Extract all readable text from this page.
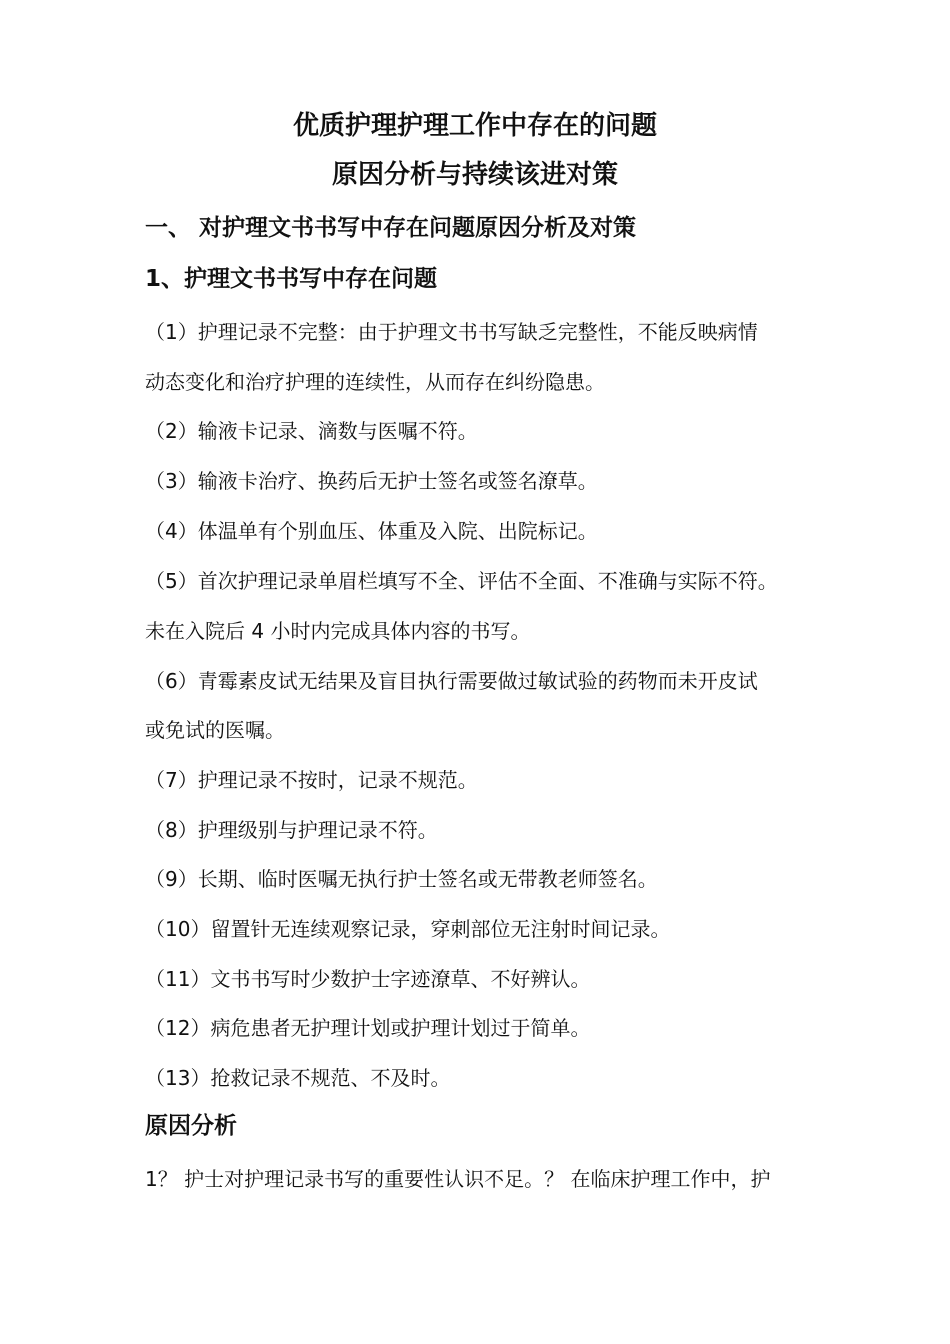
优质护理护理工作中存在的问题
原因分析与持续该进对策
一、 对护理文书书写中存在问题原因分析及对策
1、护理文书书写中存在问题
（1）护理记录不完整：由于护理文书书写缺乏完整性，不能反映病情
动态变化和治疗护理的连续性，从而存在纠纷隐患。
（2）输液卡记录、滴数与医嘱不符。
（3）输液卡治疗、换药后无护士签名或签名潦草。
（4）体温单有个别血压、体重及入院、出院标记。
（5）首次护理记录单眉栏填写不全、评估不全面、不准确与实际不符。
未在入院后 4 小时内完成具体内容的书写。
（6）青霉素皮试无结果及盲目执行需要做过敏试验的药物而未开皮试
或免试的医嘱。
（7）护理记录不按时，记录不规范。
（8）护理级别与护理记录不符。
（9）长期、临时医嘱无执行护士签名或无带教老师签名。
（10）留置针无连续观察记录，穿刺部位无注射时间记录。
（11）文书书写时少数护士字迹潦草、不好辨认。
（12）病危患者无护理计划或护理计划过于简单。
（13）抢救记录不规范、不及时。
原因分析
1？ 护士对护理记录书写的重要性认识不足。？ 在临床护理工作中，护
